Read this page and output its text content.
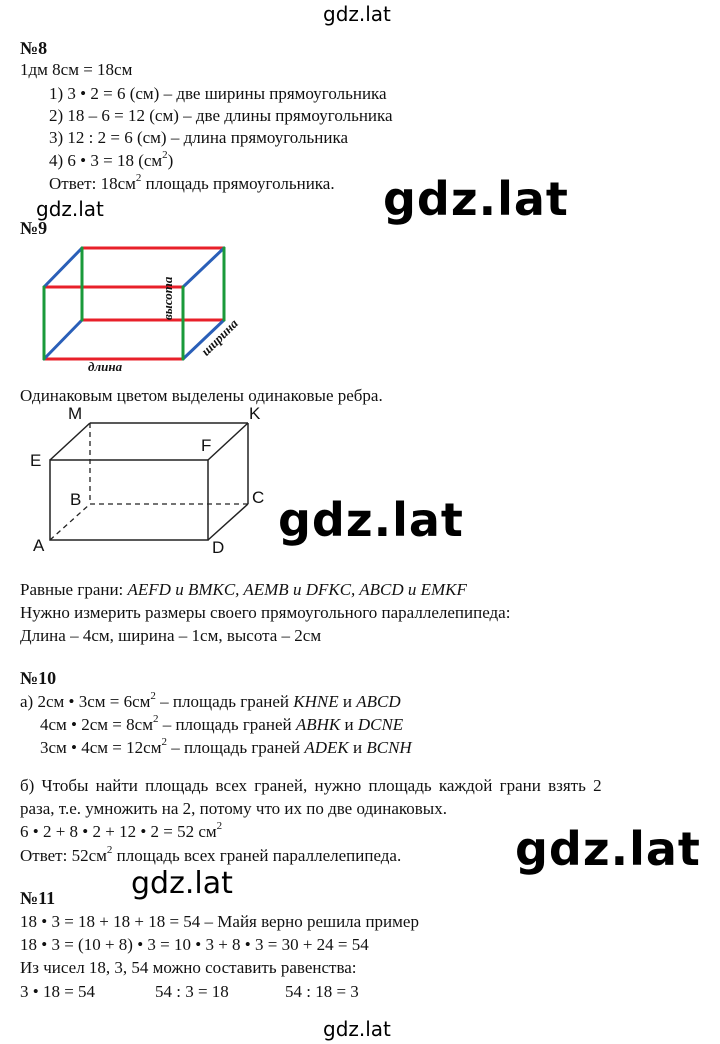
gdz.lat
gdz.lat
gdz.lat
gdz.lat
gdz.lat
gdz.lat
gdz.lat
№8
1дм 8см = 18см
1) 3 • 2 = 6 (см) – две ширины прямоугольника
2) 18 – 6 = 12 (см) – две длины прямоугольника
3) 12 : 2 = 6 (см) – длина прямоугольника
4) 6 • 3 = 18 $(см^2)$
Ответ: $18см^2$ площадь прямоугольника.
№9
длина
высота
ширина
Одинаковым цветом выделены одинаковые ребра.
M	K
E
F
B	C
A	D
Равные грани: AEFD и BMKC, AEMB и DFKC, ABCD и EMKF
Нужно измерить размеры своего прямоугольного параллелепипеда:
Длина – 4см, ширина – 1см, высота – 2см
№10
а) 2см • $3см = 6см^2$ – площадь граней KHNE и ABCD
4см • $2см = 8см^2$ – площадь граней ABHK и DCNE
3см • $4см = 12см^2$ – площадь граней ADEK и BCNH
б) Чтобы найти площадь всех граней, нужно площадь каждой грани взять 2
раза, т.е. умножить на 2, потому что их по две одинаковых.
6 • 2 + 8 • 2 + 12 • 2 = 52 $см^2$
Ответ: $52см^2$ площадь всех граней параллелепипеда.
№11
18 • 3 = 18 + 18 + 18 = 54 – Майя верно решила пример
18 • 3 = (10 + 8) • 3 = 10 • 3 + 8 • 3 = 30 + 24 = 54
Из чисел 18, 3, 54 можно составить равенства:
3 • 18 = 54	54 : 3 = 18	54 : 18 = 3
